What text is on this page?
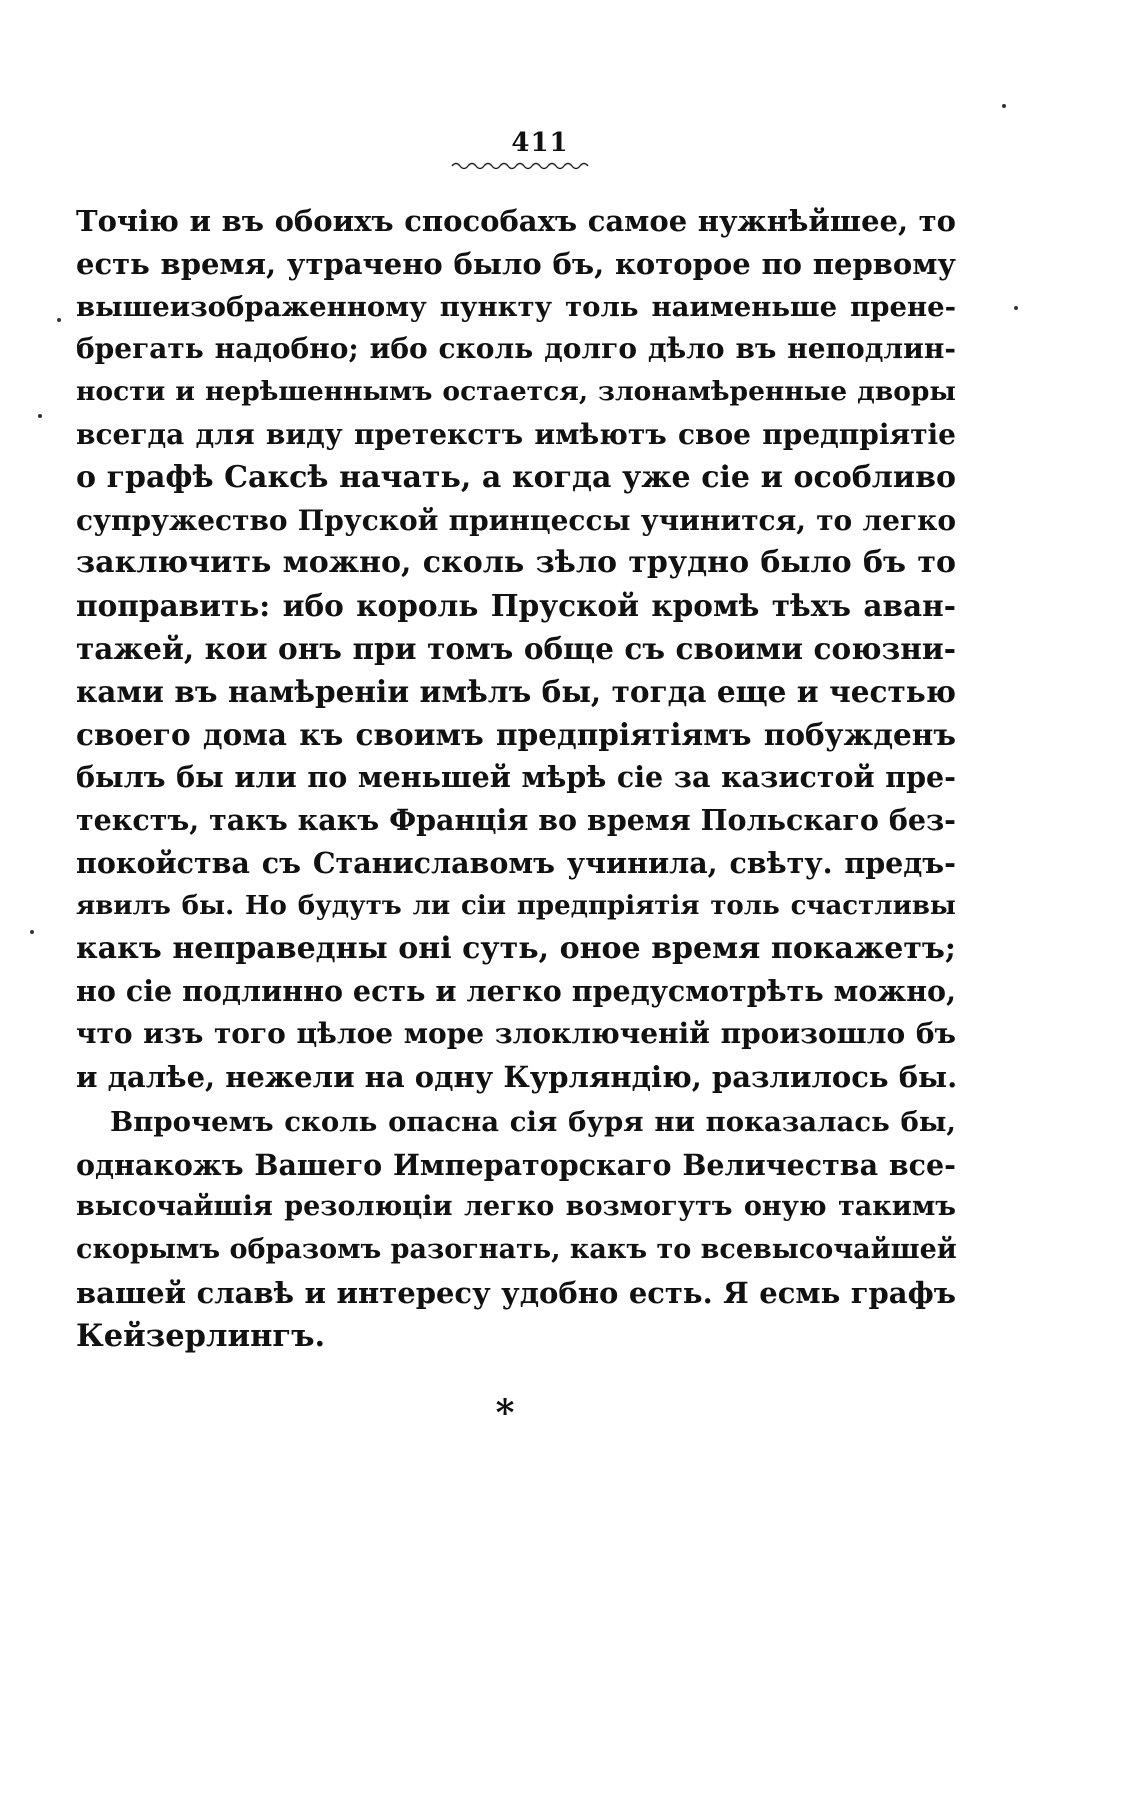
411
Точію и въ обоихъ способахъ самое нужнѣйшее, то
есть время, утрачено было бъ, которое по первому
вышеизображенному пункту толь наименьше прене-
брегать надобно; ибо сколь долго дѣло въ неподлин-
ности и нерѣшеннымъ остается, злонамѣренные дворы
всегда для виду претекстъ имѣютъ свое предпріятіе
о графѣ Саксѣ начать, а когда уже сіе и особливо
супружество Пруской принцессы учинится, то легко
заключить можно, сколь зѣло трудно было бъ то
поправить: ибо король Пруской кромѣ тѣхъ аван-
тажей, кои онъ при томъ обще съ своими союзни-
ками въ намѣреніи имѣлъ бы, тогда еще и честью
своего дома къ своимъ предпріятіямъ побужденъ
былъ бы или по меньшей мѣрѣ сіе за казистой пре-
текстъ, такъ какъ Франція во время Польскаго без-
покойства съ Станиславомъ учинила, свѣту. предъ-
явилъ бы. Но будутъ ли сіи предпріятія толь счастливы
какъ неправедны оні суть, оное время покажетъ;
но сіе подлинно есть и легко предусмотрѣть можно,
что изъ того цѣлое море злоключеній произошло бъ
и далѣе, нежели на одну Курляндію, разлилось бы.
Впрочемъ сколь опасна сія буря ни показалась бы,
однакожъ Вашего Императорскаго Величества все-
высочайшія резолюціи легко возмогутъ оную такимъ
скорымъ образомъ разогнать, какъ то всевысочайшей
вашей славѣ и интересу удобно есть. Я есмь графъ
Кейзерлингъ.
*
